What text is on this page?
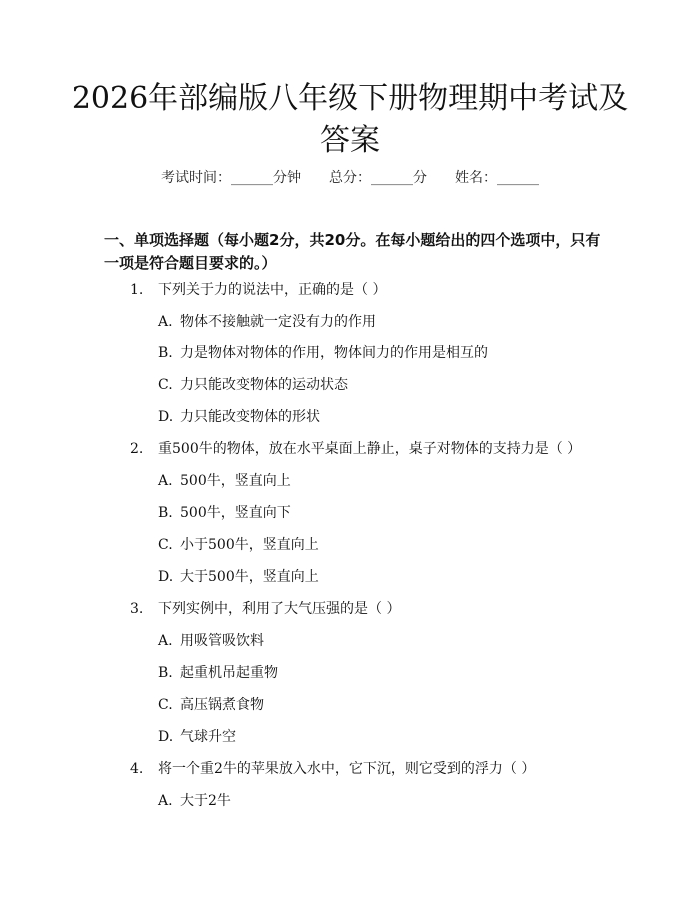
2026年部编版八年级下册物理期中考试及答案
考试时间：______分钟 总分：______分 姓名：______
一、单项选择题（每小题2分，共20分。在每小题给出的四个选项中，只有一项是符合题目要求的。）
1. 下列关于力的说法中，正确的是（ ）
A. 物体不接触就一定没有力的作用
B. 力是物体对物体的作用，物体间力的作用是相互的
C. 力只能改变物体的运动状态
D. 力只能改变物体的形状
2. 重500牛的物体，放在水平桌面上静止，桌子对物体的支持力是（ ）
A. 500牛，竖直向上
B. 500牛，竖直向下
C. 小于500牛，竖直向上
D. 大于500牛，竖直向上
3. 下列实例中，利用了大气压强的是（ ）
A. 用吸管吸饮料
B. 起重机吊起重物
C. 高压锅煮食物
D. 气球升空
4. 将一个重2牛的苹果放入水中，它下沉，则它受到的浮力（ ）
A. 大于2牛
